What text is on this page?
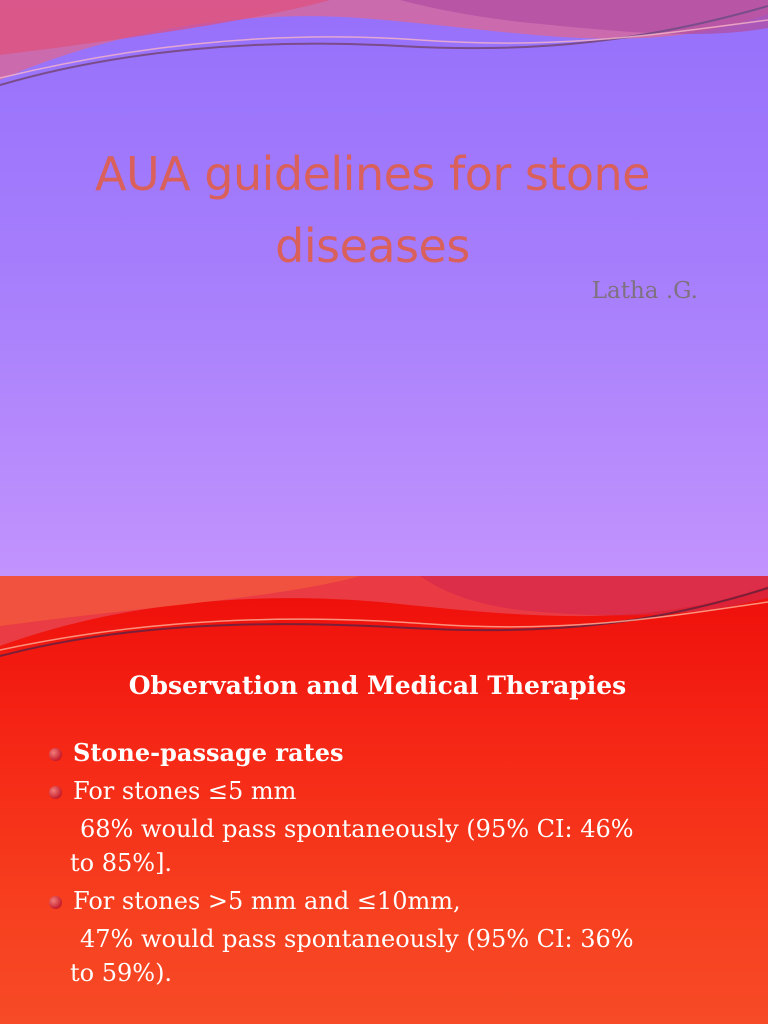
AUA guidelines for stone diseases
Latha .G.
Observation and Medical Therapies
Stone-passage rates
For stones ≤5 mm
68% would pass spontaneously (95% CI: 46%
to 85%].
For stones >5 mm and ≤10mm,
47% would pass spontaneously (95% CI: 36%
to 59%).
